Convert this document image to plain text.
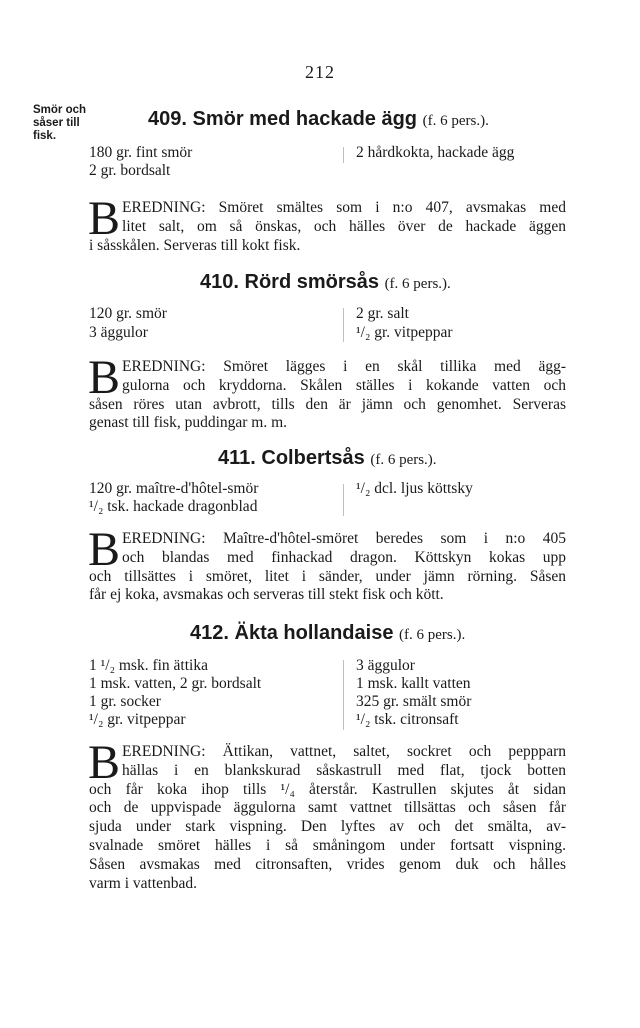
212
Smör och
såser till
fisk.
409. Smör med hackade ägg (f. 6 pers.).
180 gr. fint smör
2 gr. bordsalt
2 hårdkokta, hackade ägg
B EREDNING: Smöret smältes som i n:o 407, avsmakas med
litet salt, om så önskas, och hälles över de hackade äggen
i såsskålen. Serveras till kokt fisk.
410. Rörd smörsås (f. 6 pers.).
120 gr. smör
3 äggulor
2 gr. salt
¹/₂ gr. vitpeppar
B EREDNING: Smöret lägges i en skål tillika med ägg-
gulorna och kryddorna. Skålen ställes i kokande vatten och
såsen röres utan avbrott, tills den är jämn och genomhet. Serveras
genast till fisk, puddingar m. m.
411. Colbertsås (f. 6 pers.).
120 gr. maître-d'hôtel-smör
¹/₂ tsk. hackade dragonblad
¹/₂ dcl. ljus köttsky
B EREDNING: Maître-d'hôtel-smöret beredes som i n:o 405
och blandas med finhackad dragon. Köttskyn kokas upp
och tillsättes i smöret, litet i sänder, under jämn rörning. Såsen
får ej koka, avsmakas och serveras till stekt fisk och kött.
412. Äkta hollandaise (f. 6 pers.).
1 ¹/₂ msk. fin ättika
1 msk. vatten, 2 gr. bordsalt
1 gr. socker
¹/₂ gr. vitpeppar
3 äggulor
1 msk. kallt vatten
325 gr. smält smör
¹/₂ tsk. citronsaft
B EREDNING: Ättikan, vattnet, saltet, sockret och peppparn
hällas i en blankskurad såskastrull med flat, tjock botten
och får koka ihop tills ¹/₄ återstår. Kastrullen skjutes åt sidan
och de uppvispade äggulorna samt vattnet tillsättas och såsen får
sjuda under stark vispning. Den lyftes av och det smälta, av-
svalnade smöret hälles i så småningom under fortsatt vispning.
Såsen avsmakas med citronsaften, vrides genom duk och hålles
varm i vattenbad.
